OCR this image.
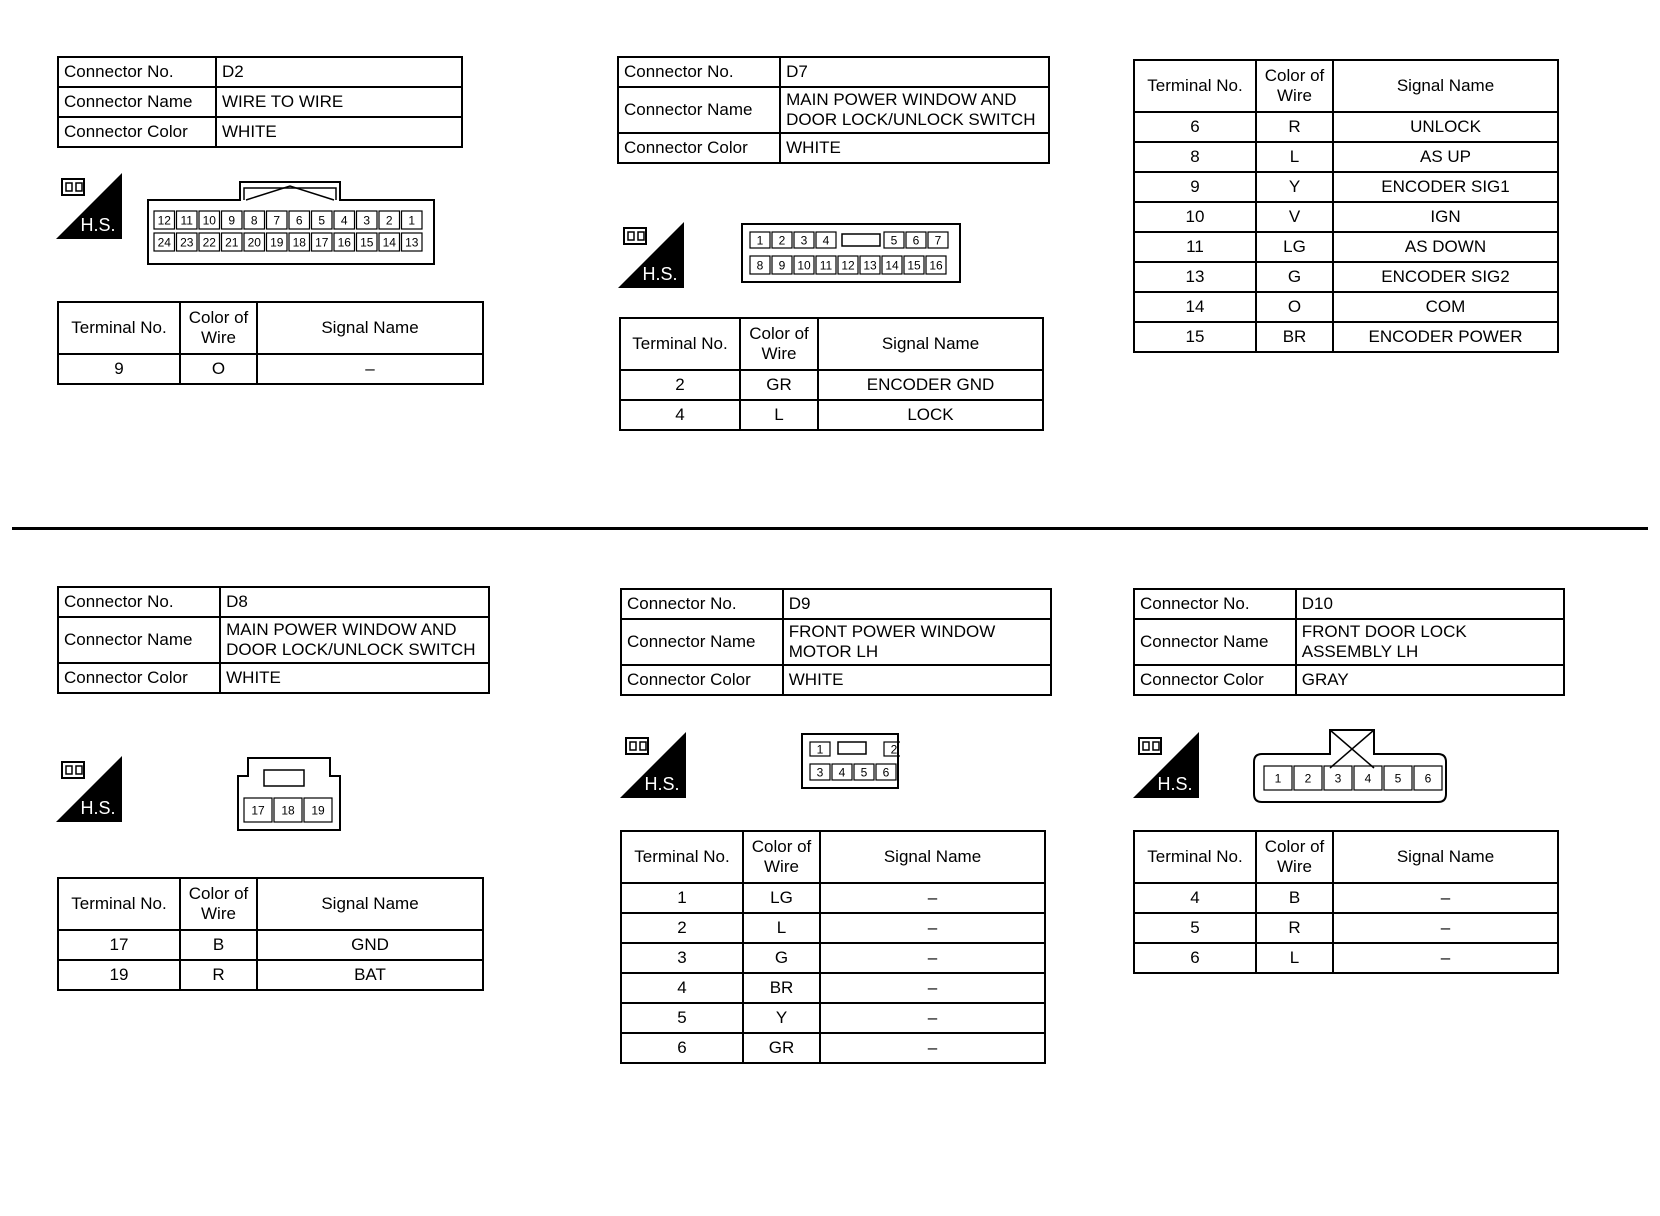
Connector No.	D2
Connector Name	WIRE TO WIRE
Connector Color	WHITE
H.S.	12 11 10 9 8 7 6 5 4 3 2 1
24 23 22 21 20 19 18 17 16 15 14 13
Terminal No.	Color of Wire	Signal Name
9	O	–
Connector No.	D7
Connector Name	MAIN POWER WINDOW AND DOOR LOCK/UNLOCK SWITCH
Connector Color	WHITE
H.S.
1 2 3 4	5 6 7
8 9 10 11 12 13 14 15 16
Terminal No.	Color of Wire	Signal Name
2	GR	ENCODER GND
4	L	LOCK
Terminal No.	Color of Wire	Signal Name
6	R	UNLOCK
8	L	AS UP
9	Y	ENCODER SIG1
10	V	IGN
11	LG	AS DOWN
13	G	ENCODER SIG2
14	O	COM
15	BR	ENCODER POWER
Connector No.	D8
Connector Name	MAIN POWER WINDOW AND DOOR LOCK/UNLOCK SWITCH
Connector Color	WHITE
H.S.	17 18 19
Terminal No.	Color of Wire	Signal Name
17	B	GND
19	R	BAT
Connector No.	D9
Connector Name	FRONT POWER WINDOW MOTOR LH
Connector Color	WHITE
H.S.
1	2
3 4 5 6
Terminal No.	Color of Wire	Signal Name
1	LG	–
2	L	–
3	G	–
4	BR	–
5	Y	–
6	GR	–
Connector No.	D10
Connector Name	FRONT DOOR LOCK ASSEMBLY LH
Connector Color	GRAY
H.S.	1 2 3 4 5 6
Terminal No.	Color of Wire	Signal Name
4	B	–
5	R	–
6	L	–
